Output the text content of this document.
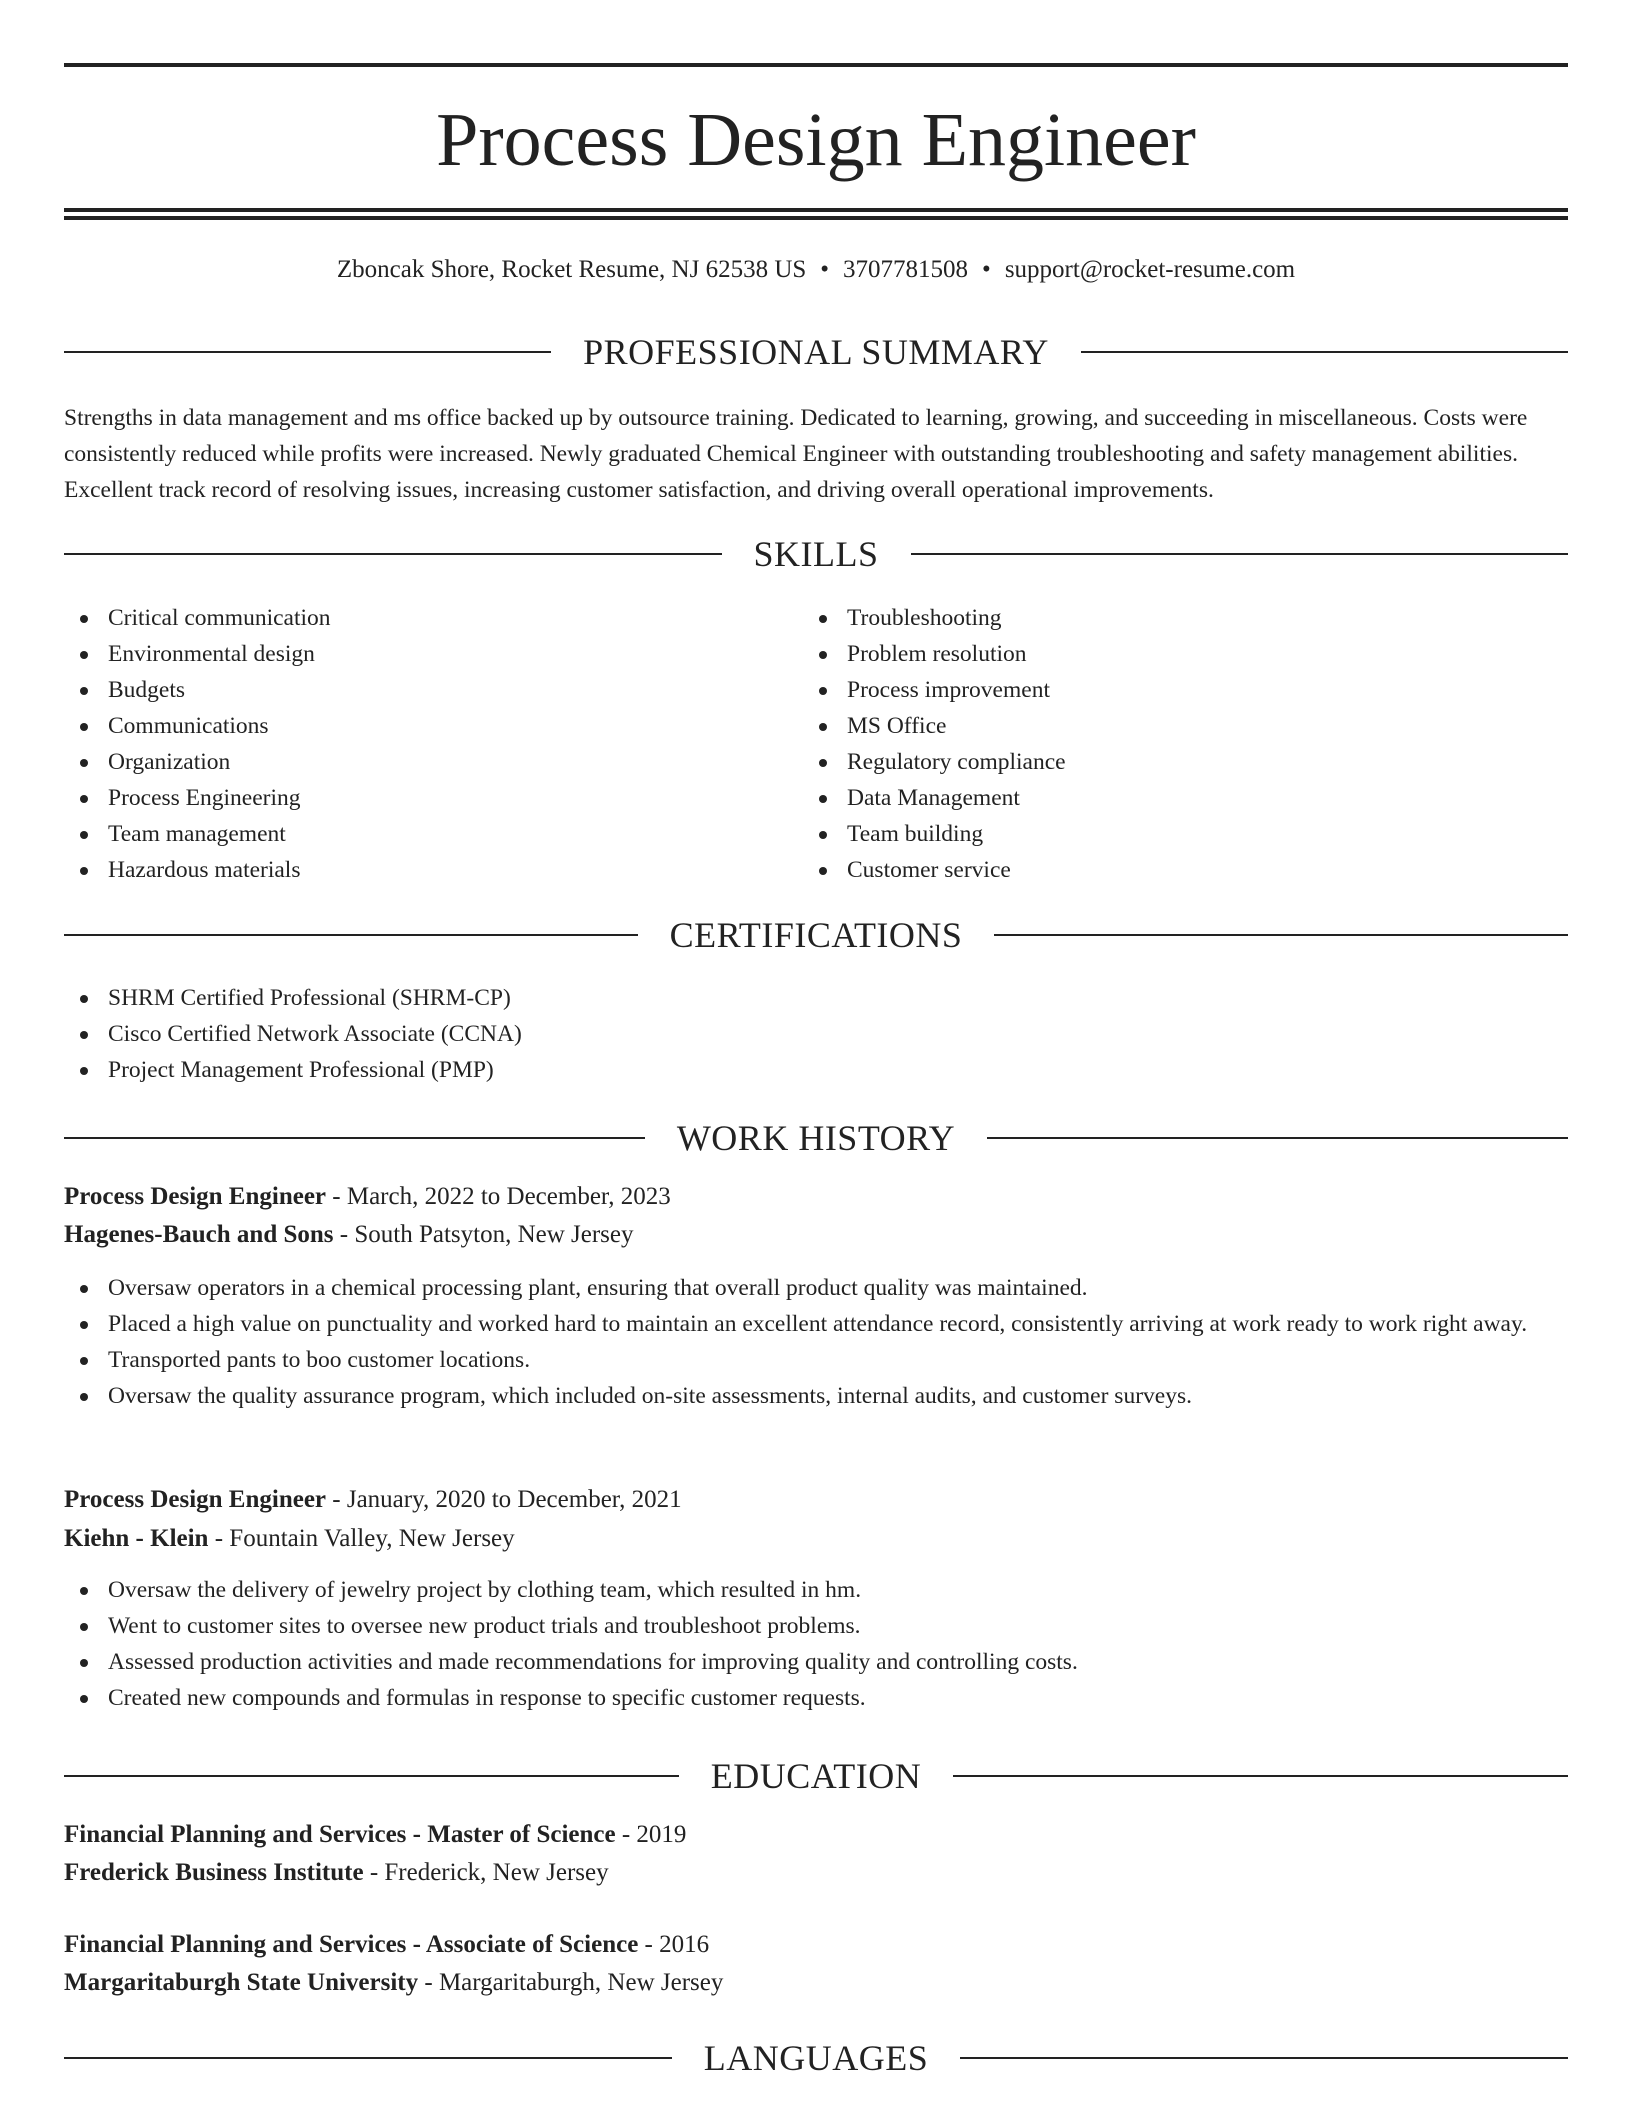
Process Design Engineer
Zboncak Shore, Rocket Resume, NJ 62538 US • 3707781508 • support@rocket-resume.com
PROFESSIONAL SUMMARY

Strengths in data management and ms office backed up by outsource training. Dedicated to learning, growing, and succeeding in miscellaneous. Costs were consistently reduced while profits were increased. Newly graduated Chemical Engineer with outstanding troubleshooting and safety management abilities. Excellent track record of resolving issues, increasing customer satisfaction, and driving overall operational improvements.

SKILLS
Critical communication
Environmental design
Budgets
Communications
Organization
Process Engineering
Team management
Hazardous materials
Troubleshooting
Problem resolution
Process improvement
MS Office
Regulatory compliance
Data Management
Team building
Customer service
CERTIFICATIONS
SHRM Certified Professional (SHRM-CP)
Cisco Certified Network Associate (CCNA)
Project Management Professional (PMP)
WORK HISTORY
Process Design Engineer - March, 2022 to December, 2023
Hagenes-Bauch and Sons - South Patsyton, New Jersey
Oversaw operators in a chemical processing plant, ensuring that overall product quality was maintained.
Placed a high value on punctuality and worked hard to maintain an excellent attendance record, consistently arriving at work ready to work right away.
Transported pants to boo customer locations.
Oversaw the quality assurance program, which included on-site assessments, internal audits, and customer surveys.
Process Design Engineer - January, 2020 to December, 2021
Kiehn - Klein - Fountain Valley, New Jersey
Oversaw the delivery of jewelry project by clothing team, which resulted in hm.
Went to customer sites to oversee new product trials and troubleshoot problems.
Assessed production activities and made recommendations for improving quality and controlling costs.
Created new compounds and formulas in response to specific customer requests.
EDUCATION
Financial Planning and Services - Master of Science - 2019
Frederick Business Institute - Frederick, New Jersey
Financial Planning and Services - Associate of Science - 2016
Margaritaburgh State University - Margaritaburgh, New Jersey
LANGUAGES
